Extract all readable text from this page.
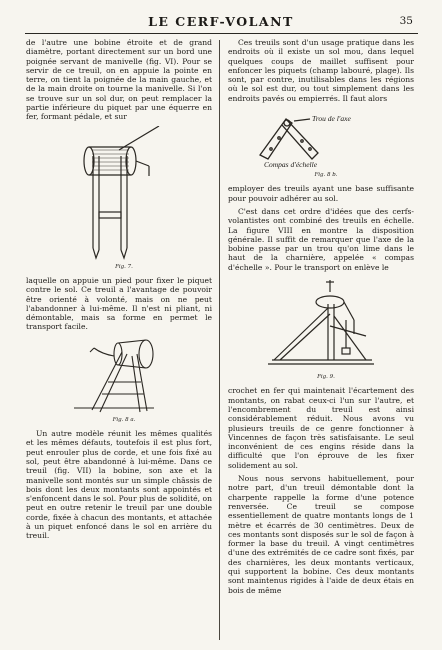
LE CERF-VOLANT	35

de l'autre une bobine étroite et de grand diamètre, portant directement sur un bord une poignée servant de manivelle (fig. VI). Pour se servir de ce treuil, on en appuie la pointe en terre, on tient la poignée de la main gauche, et de la main droite on tourne la manivelle. Si l'on se trouve sur un sol dur, on peut remplacer la partie inférieure du piquet par une équerre en fer, formant pédale, et sur

Fig. 7.

laquelle on appuie un pied pour fixer le piquet contre le sol. Ce treuil a l'avantage de pouvoir être orienté à volonté, mais on ne peut l'abandonner à lui-même. Il n'est ni pliant, ni démontable, mais sa forme en permet le transport facile.

Fig. 8 a.

Un autre modèle réunit les mêmes qualités et les mêmes défauts, toutefois il est plus fort, peut enrouler plus de corde, et une fois fixé au sol, peut être abandonné à lui-même. Dans ce treuil (fig. VII) la bobine, son axe et la manivelle sont montés sur un simple châssis de bois dont les deux montants sont appointés et s'enfoncent dans le sol. Pour plus de solidité, on peut en outre retenir le treuil par une double corde, fixée à chacun des montants, et attachée à un piquet enfoncé dans le sol en arrière du treuil.

Ces treuils sont d'un usage pratique dans les endroits où il existe un sol mou, dans lequel quelques coups de maillet suffisent pour enfoncer les piquets (champ labouré, plage). Ils sont, par contre, inutilisables dans les régions où le sol est dur, ou tout simplement dans les endroits pavés ou empierrés. Il faut alors

Trou de l'axe
Compas d'échelle

Fig. 8 b.

employer des treuils ayant une base suffisante pour pouvoir adhérer au sol.

C'est dans cet ordre d'idées que des cerfs-volantistes ont combiné des treuils en échelle. La figure VIII en montre la disposition générale. Il suffit de remarquer que l'axe de la bobine passe par un trou qu'on lime dans le haut de la charnière, appelée « compas d'échelle ». Pour le transport on enlève le

Fig. 9.

crochet en fer qui maintenait l'écartement des montants, on rabat ceux-ci l'un sur l'autre, et l'encombrement du treuil est ainsi considérablement réduit. Nous avons vu plusieurs treuils de ce genre fonctionner à Vincennes de façon très satisfaisante. Le seul inconvénient de ces engins réside dans la difficulté que l'on éprouve de les fixer solidement au sol.

Nous nous servons habituellement, pour notre part, d'un treuil démontable dont la charpente rappelle la forme d'une potence renversée. Ce treuil se compose essentiellement de quatre montants longs de 1 mètre et écarrés de 30 centimètres. Deux de ces montants sont disposés sur le sol de façon à former la base du treuil. A vingt centimètres d'une des extrémités de ce cadre sont fixés, par des charnières, les deux montants verticaux, qui supportent la bobine. Ces deux montants sont maintenus rigides à l'aide de deux étais en bois de même
